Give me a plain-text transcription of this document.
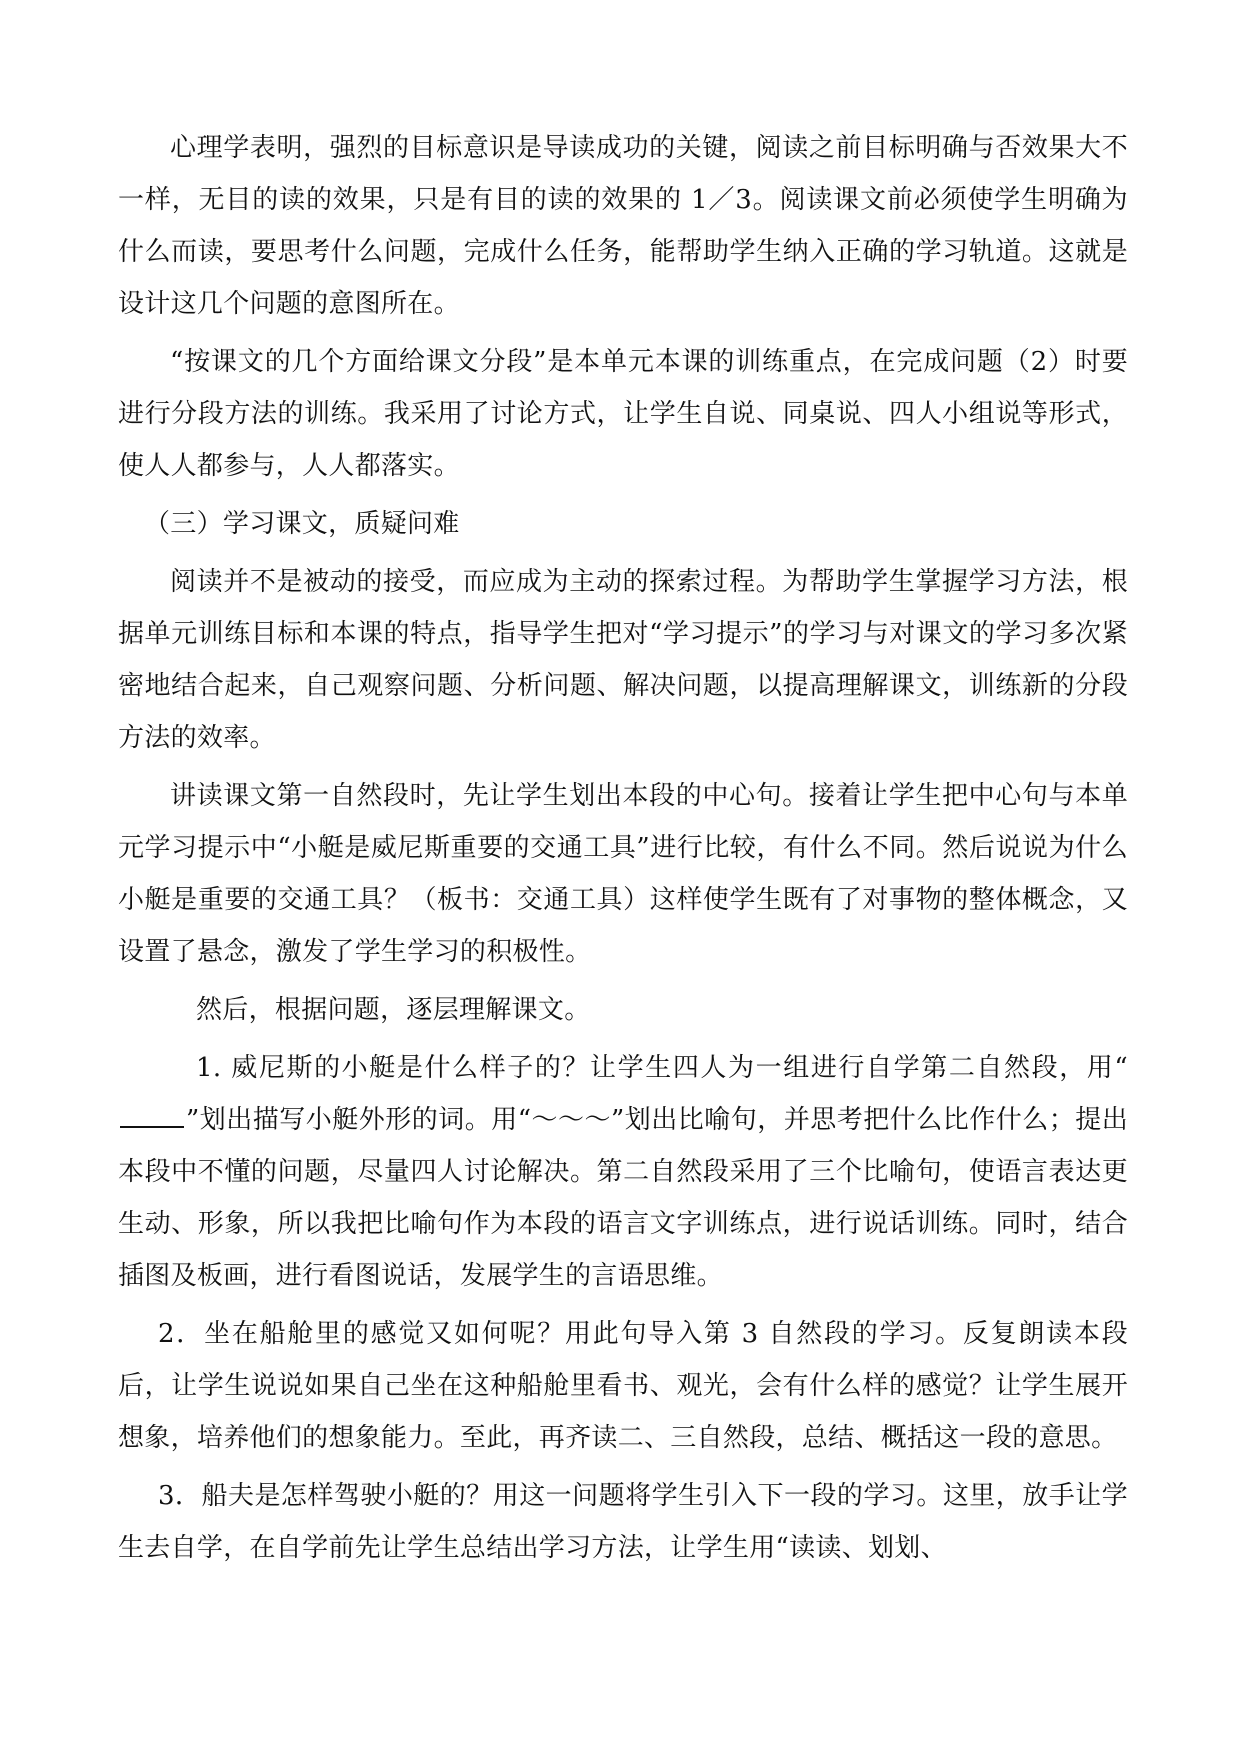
心理学表明，强烈的目标意识是导读成功的关键，阅读之前目标明确与否效果大不一样，无目的读的效果，只是有目的读的效果的 1／3。阅读课文前必须使学生明确为什么而读，要思考什么问题，完成什么任务，能帮助学生纳入正确的学习轨道。这就是设计这几个问题的意图所在。

“按课文的几个方面给课文分段”是本单元本课的训练重点，在完成问题（2）时要进行分段方法的训练。我采用了讨论方式，让学生自说、同桌说、四人小组说等形式，使人人都参与，人人都落实。

（三）学习课文，质疑问难

阅读并不是被动的接受，而应成为主动的探索过程。为帮助学生掌握学习方法，根据单元训练目标和本课的特点，指导学生把对“学习提示”的学习与对课文的学习多次紧密地结合起来，自己观察问题、分析问题、解决问题，以提高理解课文，训练新的分段方法的效率。

讲读课文第一自然段时，先让学生划出本段的中心句。接着让学生把中心句与本单元学习提示中“小艇是威尼斯重要的交通工具”进行比较，有什么不同。然后说说为什么小艇是重要的交通工具？（板书：交通工具）这样使学生既有了对事物的整体概念，又设置了悬念，激发了学生学习的积极性。

然后，根据问题，逐层理解课文。

1. 威尼斯的小艇是什么样子的？让学生四人为一组进行自学第二自然段，用“”划出描写小艇外形的词。用“～～～”划出比喻句，并思考把什么比作什么；提出本段中不懂的问题，尽量四人讨论解决。第二自然段采用了三个比喻句，使语言表达更生动、形象，所以我把比喻句作为本段的语言文字训练点，进行说话训练。同时，结合插图及板画，进行看图说话，发展学生的言语思维。

2．坐在船舱里的感觉又如何呢？用此句导入第 3 自然段的学习。反复朗读本段后，让学生说说如果自己坐在这种船舱里看书、观光，会有什么样的感觉？让学生展开想象，培养他们的想象能力。至此，再齐读二、三自然段，总结、概括这一段的意思。

3．船夫是怎样驾驶小艇的？用这一问题将学生引入下一段的学习。这里，放手让学生去自学，在自学前先让学生总结出学习方法，让学生用“读读、划划、
